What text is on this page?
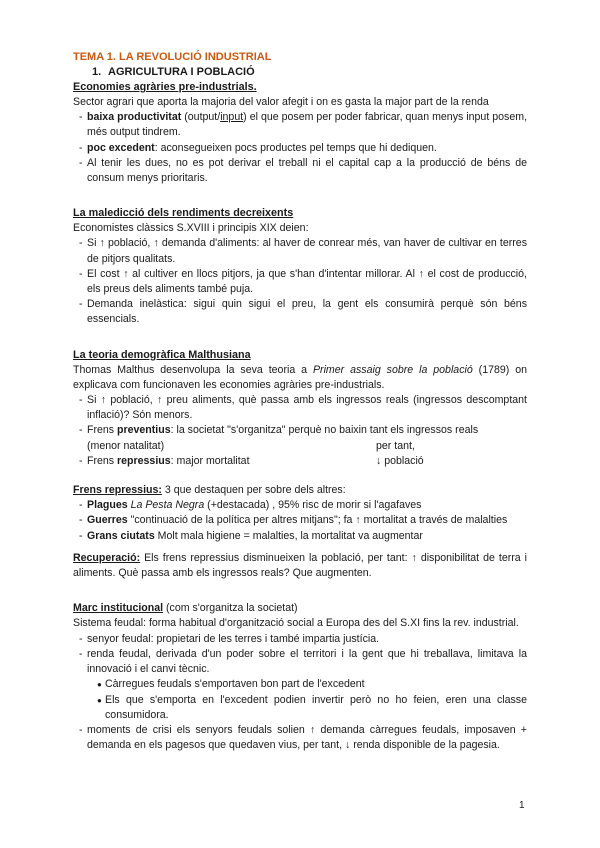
TEMA 1. LA REVOLUCIÓ INDUSTRIAL

1. AGRICULTURA I POBLACIÓ

Economies agràries pre-industrials.

Sector agrari que aporta la majoria del valor afegit i on es gasta la major part de la renda

- baixa productivitat (output/input) el que posem per poder fabricar, quan menys input posem, més output tindrem.
- poc excedent: aconsegueixen pocs productes pel temps que hi dediquen.
- Al tenir les dues, no es pot derivar el treball ni el capital cap a la producció de béns de consum menys prioritaris.
La maledicció dels rendiments decreixents

Economistes clàssics S.XVIII i principis XIX deien:

- Si ↑ població, ↑ demanda d'aliments: al haver de conrear més, van haver de cultivar en terres de pitjors qualitats.
- El cost ↑ al cultiver en llocs pitjors, ja que s'han d'intentar millorar. Al ↑ el cost de producció, els preus dels aliments també puja.
- Demanda inelàstica: sigui quin sigui el preu, la gent els consumirà perquè són béns essencials.
La teoria demogràfica Malthusiana

Thomas Malthus desenvolupa la seva teoria a Primer assaig sobre la població (1789) on explicava com funcionaven les economies agràries pre-industrials.

- Si ↑ població, ↑ preu aliments, què passa amb els ingressos reals (ingressos descomptant inflació)? Són menors.
- Frens preventius: la societat "s'organitza" perquè no baixin tant els ingressos reals
(menor natalitat)	per tant,
- Frens repressius: major mortalitat	↓ població

Frens repressius: 3 que destaquen per sobre dels altres:

- Plagues La Pesta Negra (+destacada) , 95% risc de morir si l'agafaves
- Guerres "continuació de la política per altres mitjans"; fa ↑ mortalitat a través de malalties
- Grans ciutats Molt mala higiene = malalties, la mortalitat va augmentar

Recuperació: Els frens repressius disminueixen la població, per tant: ↑ disponibilitat de terra i aliments. Què passa amb els ingressos reals? Que augmenten.

Marc institucional (com s'organitza la societat)

Sistema feudal: forma habitual d'organització social a Europa des del S.XI fins la rev. industrial.

- senyor feudal: propietari de les terres i també impartia justícia.
- renda feudal, derivada d'un poder sobre el territori i la gent que hi treballava, limitava la innovació i el canvi tècnic.
● Càrregues feudals s'emportaven bon part de l'excedent
● Els que s'emporta en l'excedent podien invertir però no ho feien, eren una classe consumidora.
- moments de crisi els senyors feudals solien ↑ demanda càrregues feudals, imposaven + demanda en els pagesos que quedaven vius, per tant, ↓ renda disponible de la pagesia.
1
